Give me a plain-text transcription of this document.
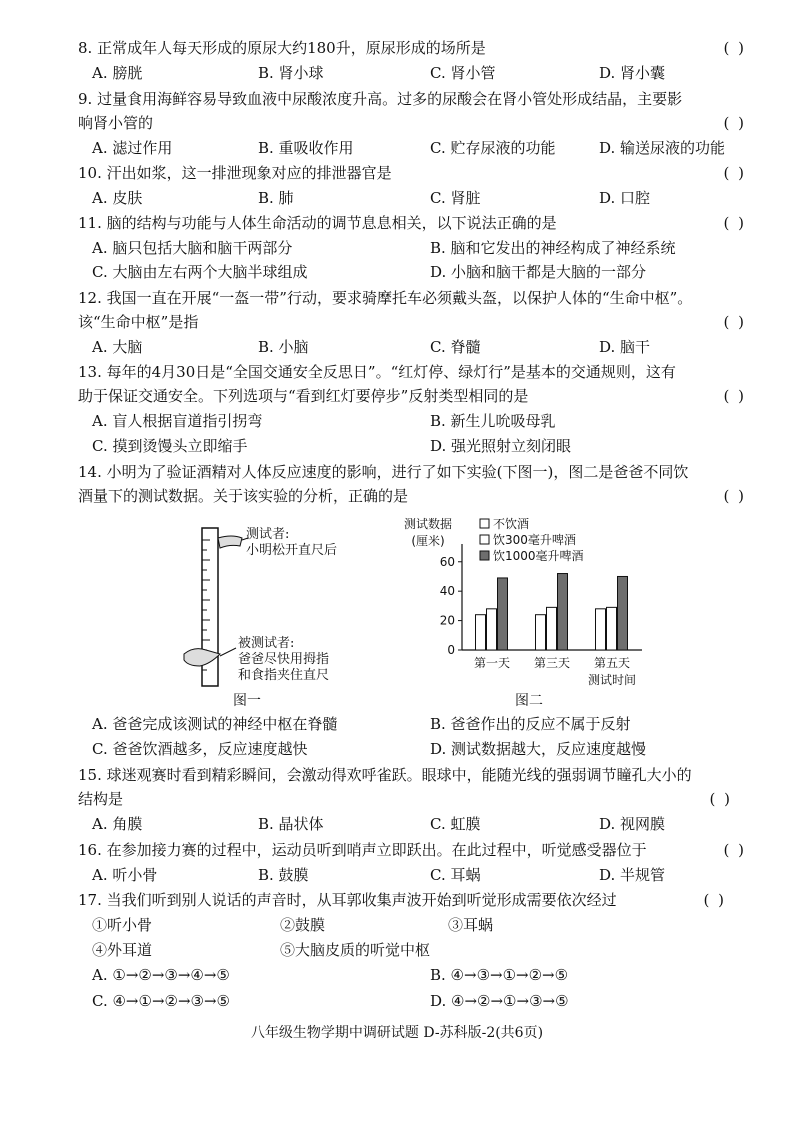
8. 正常成年人每天形成的原尿大约180升，原尿形成的场所是	( )
A. 膀胱	B. 肾小球	C. 肾小管	D. 肾小囊
9. 过量食用海鲜容易导致血液中尿酸浓度升高。过多的尿酸会在肾小管处形成结晶，主要影
响肾小管的	( )
A. 滤过作用	B. 重吸收作用	C. 贮存尿液的功能	D. 输送尿液的功能
10. 汗出如浆，这一排泄现象对应的排泄器官是	( )
A. 皮肤	B. 肺	C. 肾脏	D. 口腔
11. 脑的结构与功能与人体生命活动的调节息息相关，以下说法正确的是	( )
A. 脑只包括大脑和脑干两部分	B. 脑和它发出的神经构成了神经系统
C. 大脑由左右两个大脑半球组成	D. 小脑和脑干都是大脑的一部分
12. 我国一直在开展“一盔一带”行动，要求骑摩托车必须戴头盔，以保护人体的“生命中枢”。
该“生命中枢”是指	( )
A. 大脑	B. 小脑	C. 脊髓	D. 脑干
13. 每年的4月30日是“全国交通安全反思日”。“红灯停、绿灯行”是基本的交通规则，这有
助于保证交通安全。下列选项与“看到红灯要停步”反射类型相同的是	( )
A. 盲人根据盲道指引拐弯	B. 新生儿吮吸母乳
C. 摸到烫馒头立即缩手	D. 强光照射立刻闭眼
14. 小明为了验证酒精对人体反应速度的影响，进行了如下实验(下图一)，图二是爸爸不同饮
酒量下的测试数据。关于该实验的分析，正确的是	( )
测试者:
小明松开直尺后
被测试者:
爸爸尽快用拇指
和食指夹住直尺
图一
0
20
40
60
测试数据
(厘米)
第一天 第三天 第五天
测试时间
不饮酒
饮300毫升啤酒
饮1000毫升啤酒
图二
A. 爸爸完成该测试的神经中枢在脊髓	B. 爸爸作出的反应不属于反射
C. 爸爸饮酒越多，反应速度越快	D. 测试数据越大，反应速度越慢
15. 球迷观赛时看到精彩瞬间，会激动得欢呼雀跃。眼球中，能随光线的强弱调节瞳孔大小的
结构是	( )
A. 角膜	B. 晶状体	C. 虹膜	D. 视网膜
16. 在参加接力赛的过程中，运动员听到哨声立即跃出。在此过程中，听觉感受器位于	( )
A. 听小骨	B. 鼓膜	C. 耳蜗	D. 半规管
17. 当我们听到别人说话的声音时，从耳郭收集声波开始到听觉形成需要依次经过	( )
①听小骨	②鼓膜	③耳蜗
④外耳道	⑤大脑皮质的听觉中枢
A. ①→②→③→④→⑤	B. ④→③→①→②→⑤
C. ④→①→②→③→⑤	D. ④→②→①→③→⑤
八年级生物学期中调研试题 D-苏科版-2(共6页)
